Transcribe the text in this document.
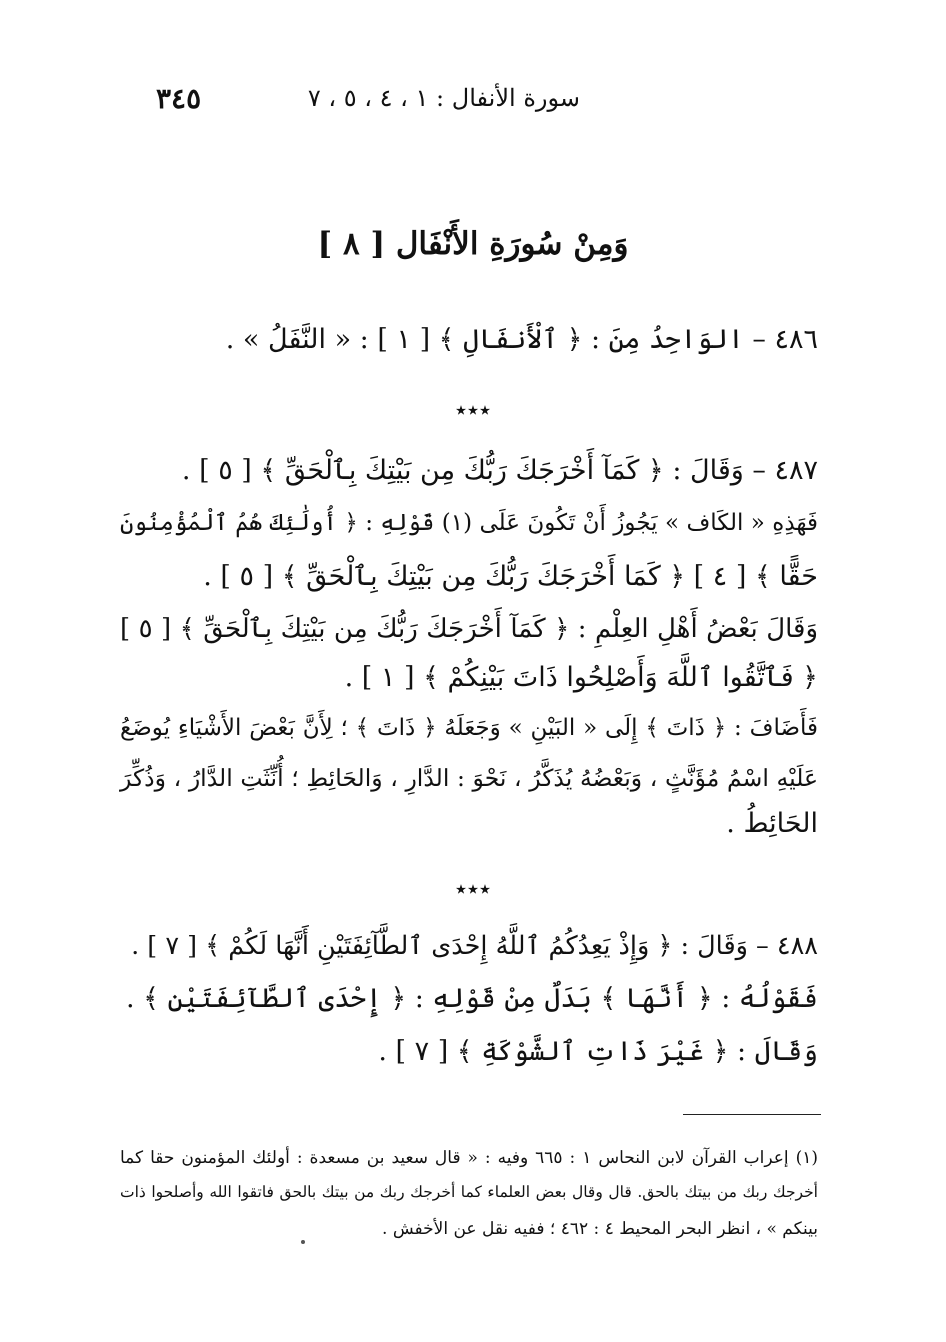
٣٤٥	سورة الأنفال : ١ ، ٤ ، ٥ ، ٧
وَمِنْ سُورَةِ الأَنْفَال [ ٨ ]
٤٨٦ – الوَاحِدُ مِنَ : ﴿ ٱلْأَنفَالِ ﴾ [ ١ ] : « النَّفَلُ » .
٭٭٭
٤٨٧ – وَقَالَ : ﴿ كَمَآ أَخْرَجَكَ رَبُّكَ مِن بَيْتِكَ بِٱلْحَقِّ ﴾ [ ٥ ] .
فَهَذِهِ « الكَاف » يَجُوزُ أَنْ تَكُونَ عَلَى (١) قَوْلِهِ : ﴿ أُولَٰئِكَ هُمُ ٱلْمُؤْمِنُونَ
حَقًّا ﴾ [ ٤ ] ﴿ كَمَا أَخْرَجَكَ رَبُّكَ مِن بَيْتِكَ بِٱلْحَقِّ ﴾ [ ٥ ] .
وَقَالَ بَعْضُ أَهْلِ العِلْمِ : ﴿ كَمَآ أَخْرَجَكَ رَبُّكَ مِن بَيْتِكَ بِٱلْحَقِّ ﴾ [ ٥ ]
﴿ فَٱتَّقُوا ٱللَّهَ وَأَصْلِحُوا ذَاتَ بَيْنِكُمْ ﴾ [ ١ ] .
فَأَضَافَ : ﴿ ذَاتَ ﴾ إِلَى « البَيْنِ » وَجَعَلَهُ ﴿ ذَاتَ ﴾ ؛ لِأَنَّ بَعْضَ الأَشْيَاءِ يُوضَعُ
عَلَيْهِ اسْمُ مُؤَنَّثٍ ، وَبَعْضُهُ يُذَكَّرُ ، نَحْوَ : الدَّارِ ، وَالحَائِطِ ؛ أُنِّثَتِ الدَّارُ ، وَذُكِّرَ
الحَائِطُ .
٭٭٭
٤٨٨ – وَقَالَ : ﴿ وَإِذْ يَعِدُكُمُ ٱللَّهُ إِحْدَى ٱلطَّآئِفَتَيْنِ أَنَّهَا لَكُمْ ﴾ [ ٧ ] .
فَقَوْلُهُ : ﴿ أَنَّهَا ﴾ بَدَلٌ مِنْ قَوْلِهِ : ﴿ إِحْدَى ٱلطَّآئِفَتَيْنِ ﴾ .
وَقَالَ : ﴿ غَيْرَ ذَاتِ ٱلشَّوْكَةِ ﴾ [ ٧ ] .
(١) إعراب القرآن لابن النحاس ١ : ٦٦٥ وفيه : « قال سعيد بن مسعدة : أولئك المؤمنون حقا كما
أخرجك ربك من بيتك بالحق. قال وقال بعض العلماء كما أخرجك ربك من بيتك بالحق فاتقوا الله وأصلحوا ذات
بينكم » ، انظر البحر المحيط ٤ : ٤٦٢ ؛ ففيه نقل عن الأخفش .
